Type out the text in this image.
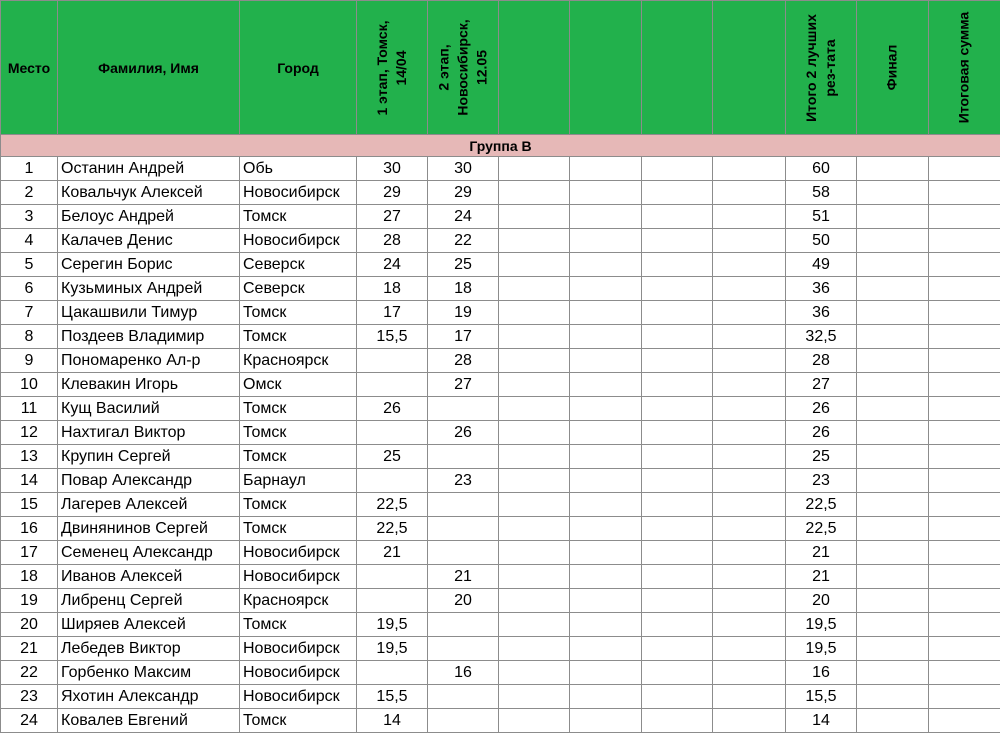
Место	Фамилия, Имя	Город	1 этап, Томск, 14/04	2 этап, Новосибирск, 12.05					Итого 2 лучших рез-тата	Финал	Итоговая сумма

Группа В											
1	Останин Андрей	Обь	30	30					60		
2	Ковальчук Алексей	Новосибирск	29	29					58		
3	Белоус Андрей	Томск	27	24					51		
4	Калачев Денис	Новосибирск	28	22					50		
5	Серегин Борис	Северск	24	25					49		
6	Кузьминых Андрей	Северск	18	18					36		
7	Цакашвили Тимур	Томск	17	19					36		
8	Поздеев Владимир	Томск	15,5	17					32,5		
9	Пономаренко Ал-р	Красноярск		28					28		
10	Клевакин Игорь	Омск		27					27		
11	Кущ Василий	Томск	26						26		
12	Нахтигал Виктор	Томск		26					26		
13	Крупин Сергей	Томск	25						25		
14	Повар Александр	Барнаул		23					23		
15	Лагерев Алексей	Томск	22,5						22,5		
16	Двинянинов Сергей	Томск	22,5						22,5		
17	Семенец Александр	Новосибирск	21						21		
18	Иванов Алексей	Новосибирск		21					21		
19	Либренц Сергей	Красноярск		20					20		
20	Ширяев Алексей	Томск	19,5						19,5		
21	Лебедев Виктор	Новосибирск	19,5						19,5		
22	Горбенко Максим	Новосибирск		16					16		
23	Яхотин Александр	Новосибирск	15,5						15,5		
24	Ковалев Евгений	Томск	14						14		
